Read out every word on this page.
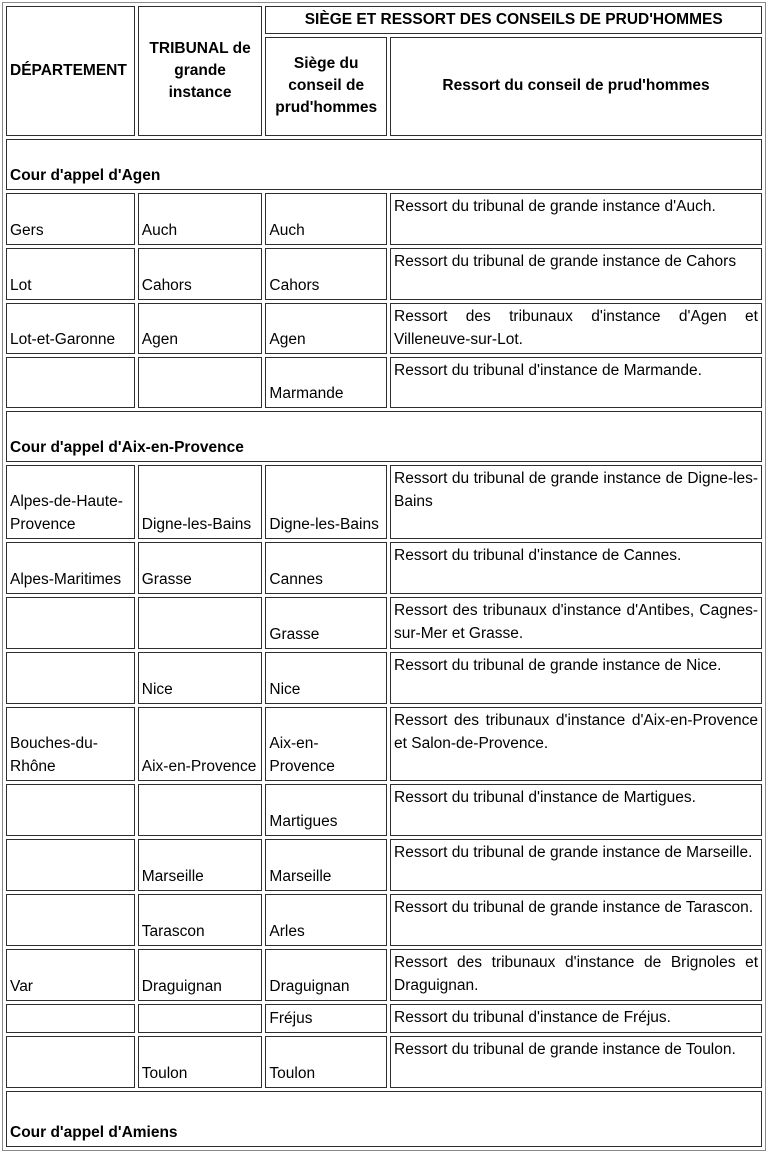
DÉPARTEMENT	TRIBUNAL de grande instance	SIÈGE ET RESSORT DES CONSEILS DE PRUD'HOMMES	
		Siège du conseil de prud'hommes	Ressort du conseil de prud'hommes
Cour d'appel d'Agen			
Gers	Auch	Auch	Ressort du tribunal de grande instance d'Auch.
Lot	Cahors	Cahors	Ressort du tribunal de grande instance de Cahors
Lot-et-Garonne	Agen	Agen	Ressort des tribunaux d'instance d'Agen et Villeneuve-sur-Lot.
		Marmande	Ressort du tribunal d'instance de Marmande.
Cour d'appel d'Aix-en-Provence			
Alpes-de-Haute-Provence	Digne-les-Bains	Digne-les-Bains	Ressort du tribunal de grande instance de Digne-les-Bains
Alpes-Maritimes	Grasse	Cannes	Ressort du tribunal d'instance de Cannes.
		Grasse	Ressort des tribunaux d'instance d'Antibes, Cagnes-sur-Mer et Grasse.
	Nice	Nice	Ressort du tribunal de grande instance de Nice.
Bouches-du-Rhône	Aix-en-Provence	Aix-en-Provence	Ressort des tribunaux d'instance d'Aix-en-Provence et Salon-de-Provence.
		Martigues	Ressort du tribunal d'instance de Martigues.
	Marseille	Marseille	Ressort du tribunal de grande instance de Marseille.
	Tarascon	Arles	Ressort du tribunal de grande instance de Tarascon.
Var	Draguignan	Draguignan	Ressort des tribunaux d'instance de Brignoles et Draguignan.
		Fréjus	Ressort du tribunal d'instance de Fréjus.
	Toulon	Toulon	Ressort du tribunal de grande instance de Toulon.
Cour d'appel d'Amiens			
